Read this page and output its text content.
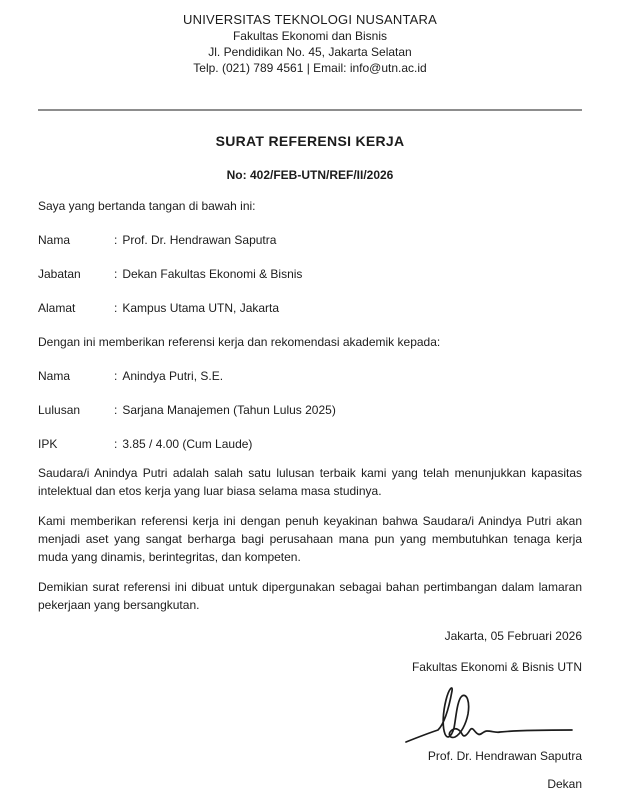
UNIVERSITAS TEKNOLOGI NUSANTARA
Fakultas Ekonomi dan Bisnis
Jl. Pendidikan No. 45, Jakarta Selatan
Telp. (021) 789 4561 | Email: info@utn.ac.id
SURAT REFERENSI KERJA
No: 402/FEB-UTN/REF/II/2026
Saya yang bertanda tangan di bawah ini:
Nama	: Prof. Dr. Hendrawan Saputra
Jabatan	: Dekan Fakultas Ekonomi & Bisnis
Alamat	: Kampus Utama UTN, Jakarta
Dengan ini memberikan referensi kerja dan rekomendasi akademik kepada:
Nama	: Anindya Putri, S.E.
Lulusan	: Sarjana Manajemen (Tahun Lulus 2025)
IPK	: 3.85 / 4.00 (Cum Laude)
Saudara/i Anindya Putri adalah salah satu lulusan terbaik kami yang telah menunjukkan kapasitas intelektual dan etos kerja yang luar biasa selama masa studinya.
Kami memberikan referensi kerja ini dengan penuh keyakinan bahwa Saudara/i Anindya Putri akan menjadi aset yang sangat berharga bagi perusahaan mana pun yang membutuhkan tenaga kerja muda yang dinamis, berintegritas, dan kompeten.
Demikian surat referensi ini dibuat untuk dipergunakan sebagai bahan pertimbangan dalam lamaran pekerjaan yang bersangkutan.
Jakarta, 05 Februari 2026
Fakultas Ekonomi & Bisnis UTN
Prof. Dr. Hendrawan Saputra
Dekan
